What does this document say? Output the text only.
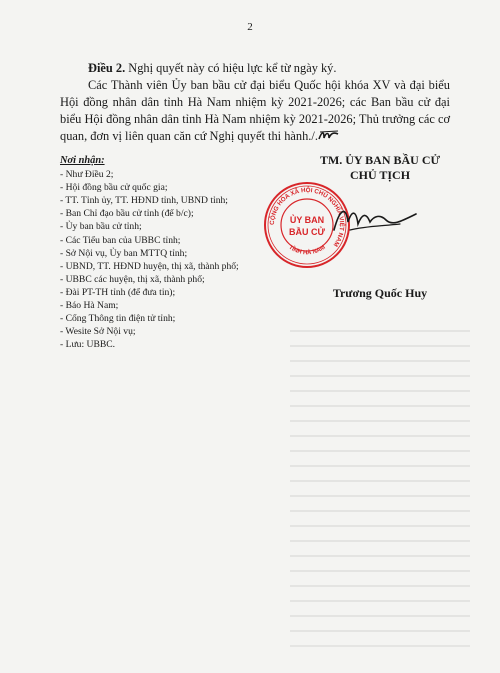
2

Điều 2. Nghị quyết này có hiệu lực kể từ ngày ký.

Các Thành viên Ủy ban bầu cử đại biểu Quốc hội khóa XV và đại biểu Hội đồng nhân dân tỉnh Hà Nam nhiệm kỳ 2021-2026; các Ban bầu cử đại biểu Hội đồng nhân dân tỉnh Hà Nam nhiệm kỳ 2021-2026; Thủ trưởng các cơ quan, đơn vị liên quan căn cứ Nghị quyết thi hành./.

Nơi nhận:
- Như Điều 2;
- Hội đồng bầu cử quốc gia;
- TT. Tỉnh ủy, TT. HĐND tỉnh, UBND tỉnh;
- Ban Chỉ đạo bầu cử tỉnh (để b/c);
- Ủy ban bầu cử tỉnh;
- Các Tiểu ban của UBBC tỉnh;
- Sở Nội vụ, Ủy ban MTTQ tỉnh;
- UBND, TT. HĐND huyện, thị xã, thành phố;
- UBBC các huyện, thị xã, thành phố;
- Đài PT-TH tỉnh (để đưa tin);
- Báo Hà Nam;
- Cổng Thông tin điện tử tỉnh;
- Wesite Sở Nội vụ;
- Lưu: UBBC.
TM. ỦY BAN BẦU CỬ
CHỦ TỊCH
CỘNG HÒA XÃ HỘI CHỦ NGHĨA VIỆT NAM
TỈNH HÀ NAM
ỦY BAN
BẦU CỬ
Trương Quốc Huy
